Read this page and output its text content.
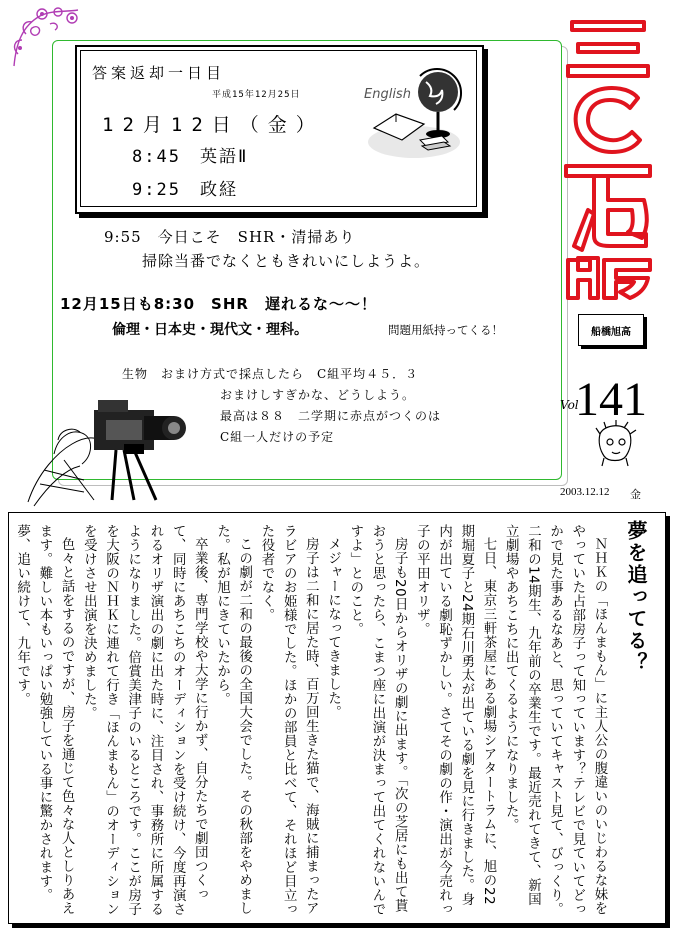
答案返却一日目
平成15年12月25日
12月12日（金）
8:45　英語Ⅱ
9:25　政経
English
9:55　今日こそ　SHR・清掃あり
掃除当番でなくともきれいにしようよ。
12月15日も8:30　SHR　遅れるな～～！
倫理・日本史・現代文・理科。	問題用紙持ってくる！
生物　おまけ方式で採点したら　C組平均４５．３
おまけしすぎかな、どうしよう。
最高は８８　二学期に赤点がつくのは
C組一人だけの予定
船橋旭高
Vol
141
2003.12.12 金
夢を追ってる？

ＮＨＫの「ほんまもん」に主人公の腹違いのいじわるな妹をやっていた占部房子って知っています？テレビで見ていてどっかで見た事あるなあと、思っていてキャスト見て、びっくり。二和の14期生、九年前の卒業生です。最近売れてきて、新国立劇場やあちこちに出てくるようになりました。

七日、東京三軒茶屋にある劇場シアタートラムに、旭の22期堀夏子と24期石川勇太が出ている劇を見に行きました。身内が出ている劇恥ずかしい。さてその劇の作・演出が今売れっ子の平田オリザ。

房子も20日からオリザの劇に出ます。「次の芝居にも出て貰おうと思ったら、こまつ座に出演が決まって出てくれないんですよ」とのこと。

メジャーになってきました。

房子は二和に居た時、百万回生きた猫で、海賊に捕まったアラビアのお姫様でした。ほかの部員と比べて、それほど目立った役者でなく。

この劇が二和の最後の全国大会でした。その秋部をやめました。私が旭にきていたから。

卒業後、専門学校や大学に行かず、自分たちで劇団つくって、同時にあちこちのオーディションを受け続け、今度再演されるオリザ演出の劇に出た時に、注目され、事務所に所属するようになりました。倍賞美津子のいるところです。ここが房子を大阪のＮＨＫに連れて行き「ほんまもん」のオーディションを受けさせ出演を決めました。

色々と話をするのですが、房子を通じて色々な人としりあえます。難しい本もいっぱい勉強している事に驚かされます。夢、追い続けて、九年です。
